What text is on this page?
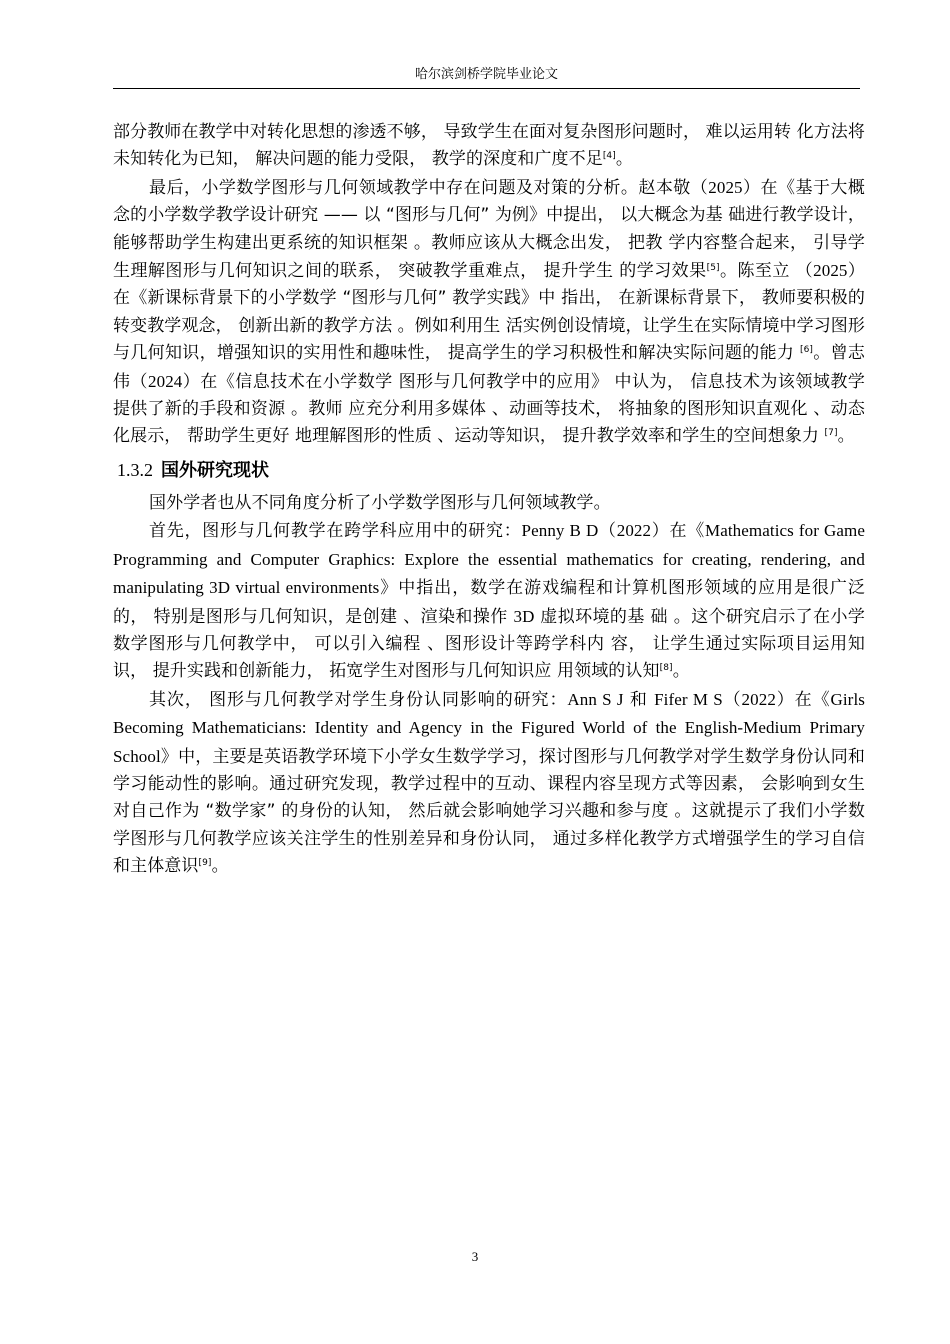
哈尔滨剑桥学院毕业论文

部分教师在教学中对转化思想的渗透不够， 导致学生在面对复杂图形问题时， 难以运用转 化方法将未知转化为已知， 解决问题的能力受限， 教学的深度和广度不足[4]。

最后，小学数学图形与几何领域教学中存在问题及对策的分析。赵本敬（2025）在《基于大概念的小学数学教学设计研究 —— 以 “图形与几何” 为例》中提出， 以大概念为基 础进行教学设计， 能够帮助学生构建出更系统的知识框架 。教师应该从大概念出发， 把教 学内容整合起来， 引导学生理解图形与几何知识之间的联系， 突破教学重难点， 提升学生 的学习效果[5]。陈至立 （2025）在《新课标背景下的小学数学 “图形与几何” 教学实践》中 指出， 在新课标背景下， 教师要积极的转变教学观念， 创新出新的教学方法 。例如利用生 活实例创设情境，让学生在实际情境中学习图形与几何知识，增强知识的实用性和趣味性， 提高学生的学习积极性和解决实际问题的能力 [6]。曾志伟（2024）在《信息技术在小学数学 图形与几何教学中的应用》 中认为， 信息技术为该领域教学提供了新的手段和资源 。教师 应充分利用多媒体 、动画等技术， 将抽象的图形知识直观化 、动态化展示， 帮助学生更好 地理解图形的性质 、运动等知识， 提升教学效率和学生的空间想象力 [7]。

1.3.2 国外研究现状

国外学者也从不同角度分析了小学数学图形与几何领域教学。

首先，图形与几何教学在跨学科应用中的研究：Penny B D（2022）在《Mathematics for Game Programming and Computer Graphics: Explore the essential mathematics for creating, rendering, and manipulating 3D virtual environments》中指出，数学在游戏编程和计算机图形领域的应用是很广泛的， 特别是图形与几何知识，是创建 、渲染和操作 3D 虚拟环境的基 础 。这个研究启示了在小学数学图形与几何教学中， 可以引入编程 、图形设计等跨学科内 容， 让学生通过实际项目运用知识， 提升实践和创新能力， 拓宽学生对图形与几何知识应 用领域的认知[8]。

其次， 图形与几何教学对学生身份认同影响的研究：Ann S J 和 Fifer M S（2022）在《Girls Becoming Mathematicians: Identity and Agency in the Figured World of the English-Medium Primary School》中，主要是英语教学环境下小学女生数学学习，探讨图形与几何教学对学生数学身份认同和学习能动性的影响。通过研究发现，教学过程中的互动、课程内容呈现方式等因素， 会影响到女生对自己作为 “数学家” 的身份的认知， 然后就会影响她学习兴趣和参与度 。这就提示了我们小学数学图形与几何教学应该关注学生的性别差异和身份认同， 通过多样化教学方式增强学生的学习自信和主体意识[9]。

3
